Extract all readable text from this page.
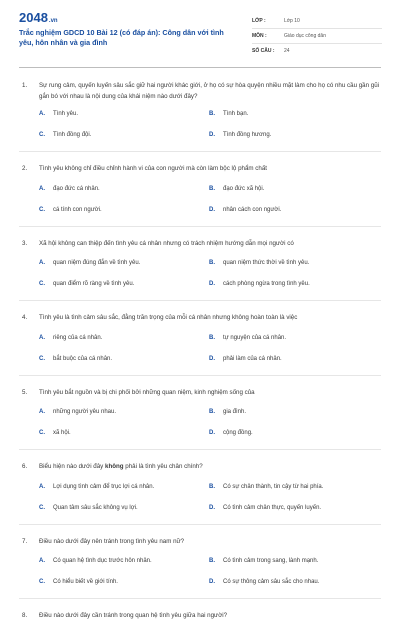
2048.vn
Trắc nghiệm GDCD 10 Bài 12 (có đáp án): Công dân với tình yêu, hôn nhân và gia đình
LỚP :	Lớp 10
MÔN :	Giáo dục công dân
SỐ CÂU :	24
1. Sự rung cảm, quyến luyến sâu sắc giữ hai người khác giới, ở họ có sự hòa quyện nhiều mặt làm cho họ có nhu cầu gần gũi gắn bó với nhau là nội dung của khái niệm nào dưới đây?
A.	Tình yêu.	B.	Tình bạn.
C.	Tình đồng đội.	D.	Tình đồng hương.
2. Tình yêu không chỉ điều chỉnh hành vi của con người mà còn làm bộc lộ phẩm chất
A.	đạo đức cá nhân.	B.	đạo đức xã hội.
C.	cá tính con người.	D.	nhân cách con người.
3. Xã hội không can thiệp đến tình yêu cá nhân nhưng có trách nhiệm hướng dẫn mọi người có
A.	quan niệm đúng đắn về tình yêu.	B.	quan niệm thức thời về tình yêu.
C.	quan điểm rõ ràng về tình yêu.	D.	cách phòng ngừa trong tình yêu.
4. Tình yêu là tình cảm sâu sắc, đằng trăn trọng của mỗi cá nhân nhưng không hoàn toàn là việc
A.	riêng của cá nhân.	B.	tự nguyện của cá nhân.
C.	bắt buộc của cá nhân.	D.	phải làm của cá nhân.
5. Tình yêu bắt nguồn và bị chi phối bởi những quan niệm, kinh nghiệm sống của
A.	những người yêu nhau.	B.	gia đình.
C.	xã hội.	D.	cộng đồng.
6. Biểu hiện nào dưới đây không phải là tình yêu chân chính?
A.	Lợi dụng tình cảm để trục lợi cá nhân.	B.	Có sự chân thành, tin cậy từ hai phía.
C.	Quan tâm sâu sắc không vụ lợi.	D.	Có tình cảm chân thực, quyến luyến.
7. Điều nào dưới đây nên tránh trong tình yêu nam nữ?
A.	Có quan hệ tình dục trước hôn nhân.	B.	Có tình cảm trong sang, lành mạnh.
C.	Có hiểu biết về giới tính.	D.	Có sự thông cảm sâu sắc cho nhau.
8. Điều nào dưới đây cần tránh trong quan hệ tình yêu giữa hai người?
